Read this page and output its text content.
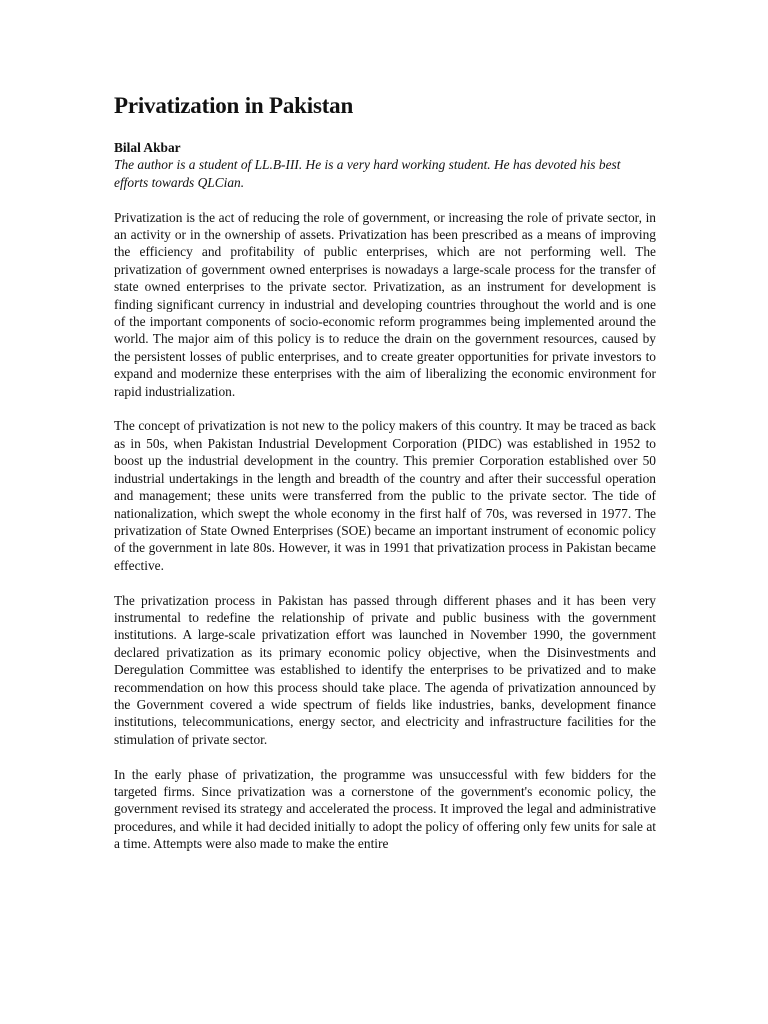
Privatization in Pakistan

Bilal Akbar

The author is a student of LL.B-III. He is a very hard working student. He has devoted his best efforts towards QLCian.

Privatization is the act of reducing the role of government, or increasing the role of private sector, in an activity or in the ownership of assets. Privatization has been prescribed as a means of improving the efficiency and profitability of public enterprises, which are not performing well. The privatization of government owned enterprises is nowadays a large-scale process for the transfer of state owned enterprises to the private sector. Privatization, as an instrument for development is finding significant currency in industrial and developing countries throughout the world and is one of the important components of socio-economic reform programmes being implemented around the world. The major aim of this policy is to reduce the drain on the government resources, caused by the persistent losses of public enterprises, and to create greater opportunities for private investors to expand and modernize these enterprises with the aim of liberalizing the economic environment for rapid industrialization.

The concept of privatization is not new to the policy makers of this country. It may be traced as back as in 50s, when Pakistan Industrial Development Corporation (PIDC) was established in 1952 to boost up the industrial development in the country. This premier Corporation established over 50 industrial undertakings in the length and breadth of the country and after their successful operation and management; these units were transferred from the public to the private sector. The tide of nationalization, which swept the whole economy in the first half of 70s, was reversed in 1977. The privatization of State Owned Enterprises (SOE) became an important instrument of economic policy of the government in late 80s. However, it was in 1991 that privatization process in Pakistan became effective.

The privatization process in Pakistan has passed through different phases and it has been very instrumental to redefine the relationship of private and public business with the government institutions. A large-scale privatization effort was launched in November 1990, the government declared privatization as its primary economic policy objective, when the Disinvestments and Deregulation Committee was established to identify the enterprises to be privatized and to make recommendation on how this process should take place. The agenda of privatization announced by the Government covered a wide spectrum of fields like industries, banks, development finance institutions, telecommunications, energy sector, and electricity and infrastructure facilities for the stimulation of private sector.

In the early phase of privatization, the programme was unsuccessful with few bidders for the targeted firms. Since privatization was a cornerstone of the government's economic policy, the government revised its strategy and accelerated the process. It improved the legal and administrative procedures, and while it had decided initially to adopt the policy of offering only few units for sale at a time. Attempts were also made to make the entire
